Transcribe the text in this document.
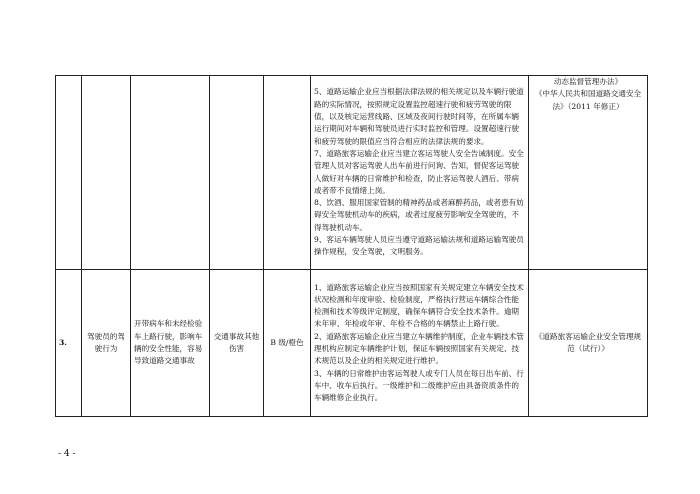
					5、道路运输企业应当根据法律法规的相关规定以及车辆行驶道路的实际情况，按照规定设置监控超速行驶和疲劳驾驶的限值，以及核定运营线路、区域及夜间行驶时间等，在所属车辆运行期间对车辆和驾驶员进行实时监控和管理。设置超速行驶和疲劳驾驶的限值应当符合相应的法律法规的要求。
7、道路旅客运输企业应当建立客运驾驶人安全告诫制度。安全管理人员对客运驾驶人出车前进行问询、告知，督促客运驾驶人做好对车辆的日常维护和检查，防止客运驾驶人酒后、带病或者带不良情绪上岗。
8、饮酒、服用国家管制的精神药品或者麻醉药品，或者患有妨碍安全驾驶机动车的疾病，或者过度疲劳影响安全驾驶的，不得驾驶机动车。
9、客运车辆驾驶人员应当遵守道路运输法规和道路运输驾驶员操作规程，安全驾驶，文明服务。	动态监督管理办法》
《中华人民共和国道路交通安全法》（2011 年修正）

3.	驾驶员的驾驶行为	开带病车和未经检验车上路行驶，影响车辆的安全性能，容易导致道路交通事故	交通事故其他伤害	B 级/橙色	1、道路旅客运输企业应当按照国家有关规定建立车辆安全技术状况检测和年度审验、检验制度，严格执行营运车辆综合性能检测和技术等级评定制度，确保车辆符合安全技术条件。逾期未年审、年检或年审、年检不合格的车辆禁止上路行驶。
2、道路旅客运输企业应当建立车辆维护制度，企业车辆技术管理机构应制定车辆维护计划，保证车辆按照国家有关规定、技术规范以及企业的相关规定进行维护。
3、车辆的日常维护由客运驾驶人或专门人员在每日出车前、行车中、收车后执行。一级维护和二级维护应由具备资质条件的车辆维修企业执行。	《道路旅客运输企业安全管理规范（试行）》
- 4 -
